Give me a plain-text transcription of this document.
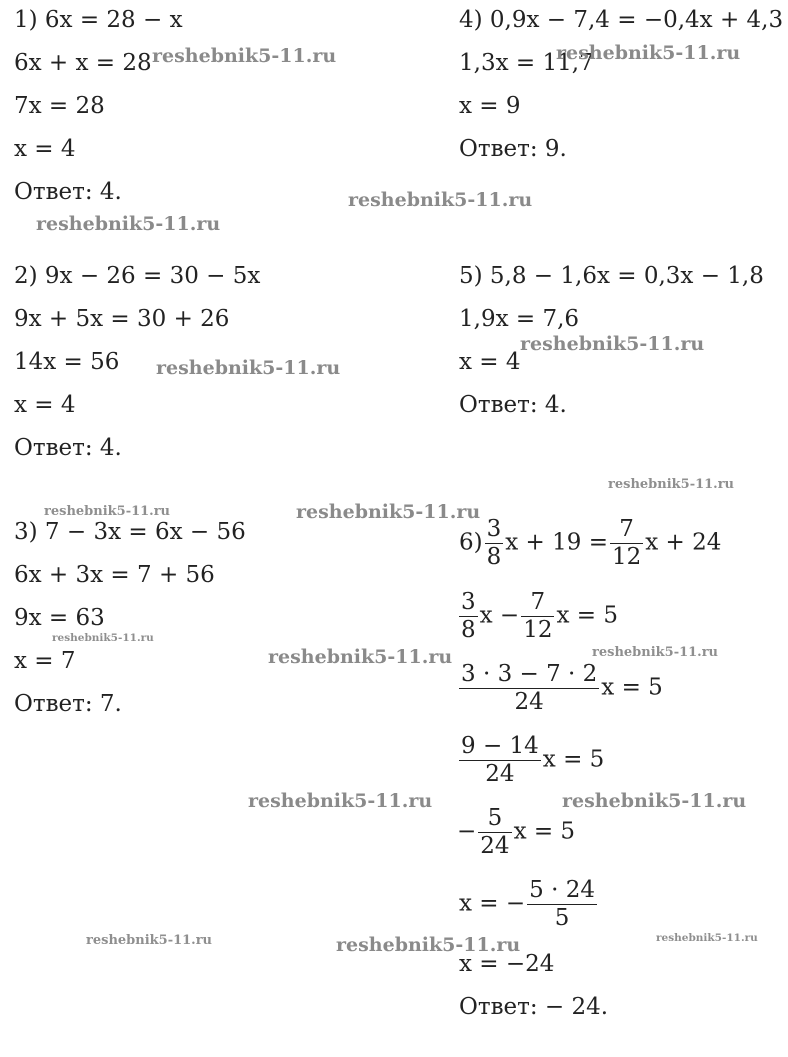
1) 6x = 28 − x
6x + x = 28
7x = 28
x = 4
Ответ: 4.
2) 9x − 26 = 30 − 5x
9x + 5x = 30 + 26
14x = 56
x = 4
Ответ: 4.
3) 7 − 3x = 6x − 56
6x + 3x = 7 + 56
9x = 63
x = 7
Ответ: 7.
4) 0,9x − 7,4 = −0,4x + 4,3
1,3x = 11,7
x = 9
Ответ: 9.
5) 5,8 − 1,6x = 0,3x − 1,8
1,9x = 7,6
x = 4
Ответ: 4.
$6) \frac{3}{8}$ $x + 19 = \frac{7}{12}$ x + 24
$\frac{3}{8}$ $x - \frac{7}{12}$ x = 5
$\frac{3 \cdot 3 - 7 \cdot 2}{24}$ x = 5
$\frac{9 - 14}{24}$ x = 5
− $\frac{5}{24}$ x = 5
x = − $\frac{5 \cdot 24}{5}$
x = −24
Ответ: − 24.
reshebnik5-11.ru	reshebnik5-11.ru
reshebnik5-11.ru
reshebnik5-11.ru
reshebnik5-11.ru
reshebnik5-11.ru
reshebnik5-11.ru
reshebnik5-11.ru	reshebnik5-11.ru
reshebnik5-11.ru
reshebnik5-11.ru
reshebnik5-11.ru
reshebnik5-11.ru	reshebnik5-11.ru
reshebnik5-11.ru	reshebnik5-11.ru	reshebnik5-11.ru
